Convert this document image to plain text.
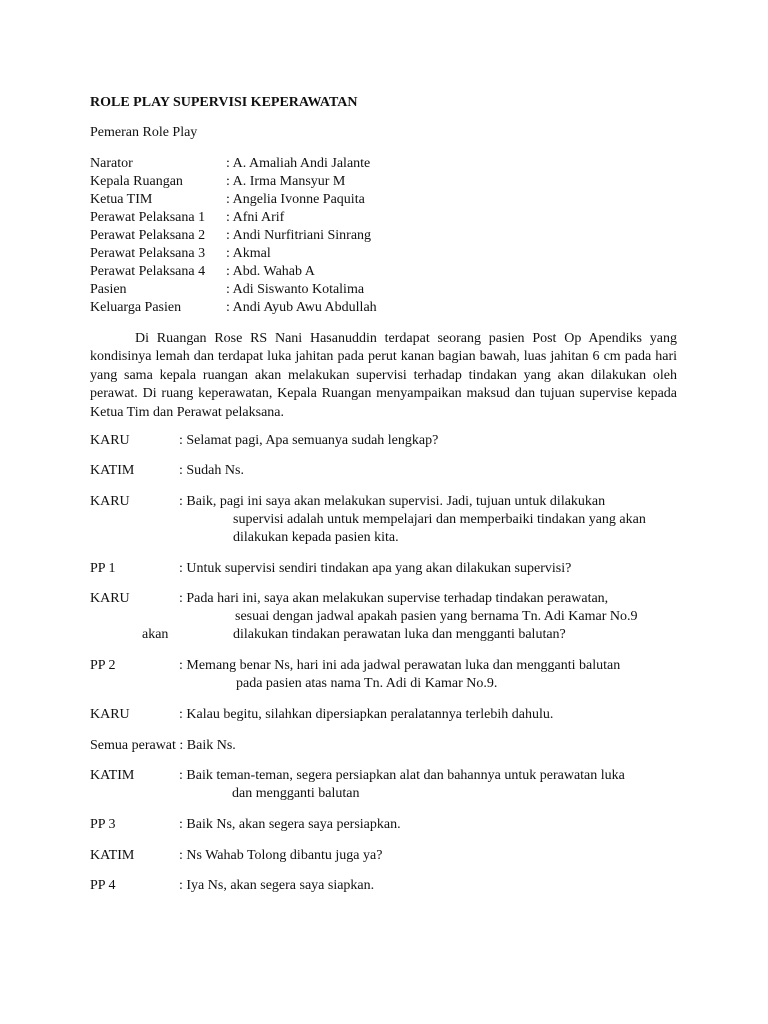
ROLE PLAY SUPERVISI KEPERAWATAN
Pemeran Role Play
Narator	: A. Amaliah Andi Jalante
Kepala Ruangan	: A. Irma Mansyur M
Ketua TIM	: Angelia Ivonne Paquita
Perawat Pelaksana 1 : Afni Arif
Perawat Pelaksana 2 : Andi Nurfitriani Sinrang
Perawat Pelaksana 3 : Akmal
Perawat Pelaksana 4 : Abd. Wahab A
Pasien	: Adi Siswanto Kotalima
Keluarga Pasien	: Andi Ayub Awu Abdullah
Di Ruangan Rose RS Nani Hasanuddin terdapat seorang pasien Post Op Apendiks yang kondisinya lemah dan terdapat luka jahitan pada perut kanan bagian bawah, luas jahitan 6 cm pada hari yang sama kepala ruangan akan melakukan supervisi terhadap tindakan yang akan dilakukan oleh perawat. Di ruang keperawatan, Kepala Ruangan menyampaikan maksud dan tujuan supervise kepada Ketua Tim dan Perawat pelaksana.
KARU	: Selamat pagi, Apa semuanya sudah lengkap?
KATIM	: Sudah Ns.
KARU	: Baik, pagi ini saya akan melakukan supervisi. Jadi, tujuan untuk dilakukan
supervisi adalah untuk mempelajari dan memperbaiki tindakan yang akan
dilakukan kepada pasien kita.
PP 1	: Untuk supervisi sendiri tindakan apa yang akan dilakukan supervisi?
KARU	: Pada hari ini, saya akan melakukan supervise terhadap tindakan perawatan,
sesuai dengan jadwal apakah pasien yang bernama Tn. Adi Kamar No.9
akan	dilakukan tindakan perawatan luka dan mengganti balutan?
PP 2	: Memang benar Ns, hari ini ada jadwal perawatan luka dan mengganti balutan
pada pasien atas nama Tn. Adi di Kamar No.9.
KARU	: Kalau begitu, silahkan dipersiapkan peralatannya terlebih dahulu.
Semua perawat : Baik Ns.
KATIM	: Baik teman-teman, segera persiapkan alat dan bahannya untuk perawatan luka
dan mengganti balutan
PP 3	: Baik Ns, akan segera saya persiapkan.
KATIM	: Ns Wahab Tolong dibantu juga ya?
PP 4	: Iya Ns, akan segera saya siapkan.
